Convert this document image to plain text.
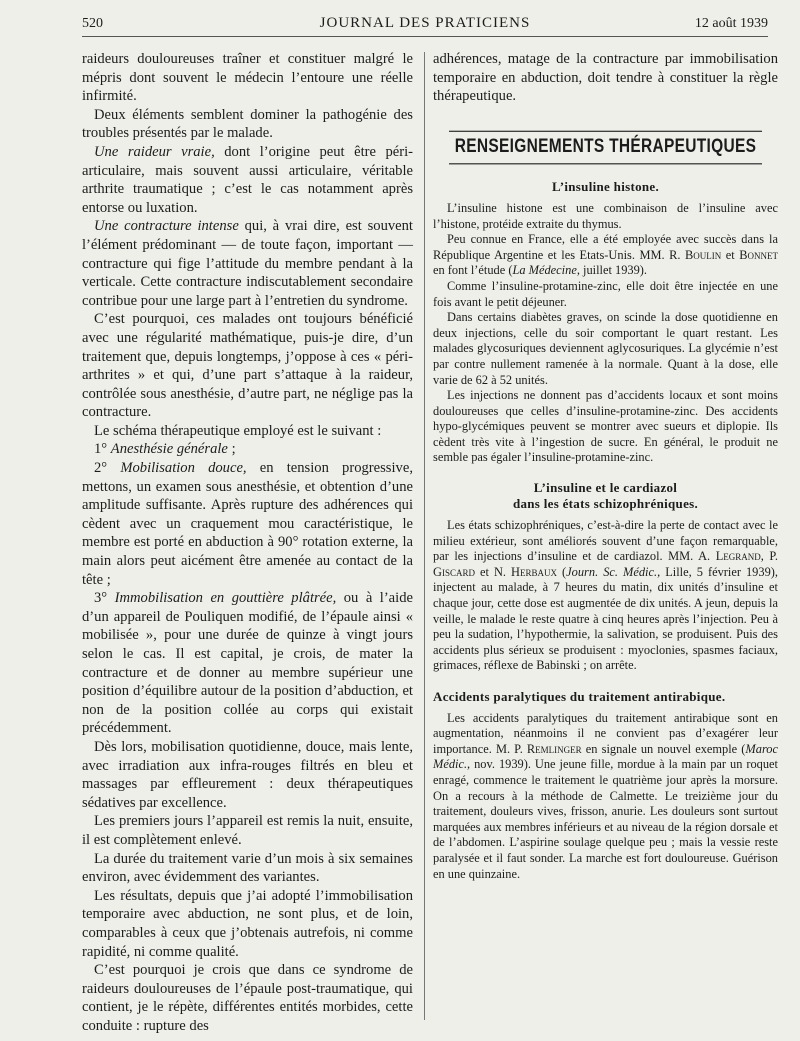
520	JOURNAL DES PRATICIENS	12 août 1939

raideurs douloureuses traîner et constituer malgré le mépris dont souvent le médecin l’entoure une réelle infirmité.

Deux éléments semblent dominer la pathogénie des troubles présentés par le malade.

Une raideur vraie, dont l’origine peut être péri-articulaire, mais souvent aussi articulaire, véritable arthrite traumatique ; c’est le cas notamment après entorse ou luxation.

Une contracture intense qui, à vrai dire, est souvent l’élément prédominant — de toute façon, important — contracture qui fige l’attitude du membre pendant à la verticale. Cette contracture indiscutablement secondaire contribue pour une large part à l’entretien du syndrome.

C’est pourquoi, ces malades ont toujours bénéficié avec une régularité mathématique, puis-je dire, d’un traitement que, depuis longtemps, j’oppose à ces « péri-arthrites » et qui, d’une part s’attaque à la raideur, contrôlée sous anesthésie, d’autre part, ne néglige pas la contracture.

Le schéma thérapeutique employé est le suivant :

1° Anesthésie générale ;

2° Mobilisation douce, en tension progressive, mettons, un examen sous anesthésie, et obtention d’une amplitude suffisante. Après rupture des adhérences qui cèdent avec un craquement mou caractéristique, le membre est porté en abduction à 90° rotation externe, la main alors peut aicément être amenée au contact de la tête ;

3° Immobilisation en gouttière plâtrée, ou à l’aide d’un appareil de Pouliquen modifié, de l’épaule ainsi « mobilisée », pour une durée de quinze à vingt jours selon le cas. Il est capital, je crois, de mater la contracture et de donner au membre supérieur une position d’équilibre autour de la position d’abduction, et non de la position collée au corps qui existait précédemment.

Dès lors, mobilisation quotidienne, douce, mais lente, avec irradiation aux infra-rouges filtrés en bleu et massages par effleurement : deux thérapeutiques sédatives par excellence.

Les premiers jours l’appareil est remis la nuit, ensuite, il est complètement enlevé.

La durée du traitement varie d’un mois à six semaines environ, avec évidemment des variantes.

Les résultats, depuis que j’ai adopté l’immobilisation temporaire avec abduction, ne sont plus, et de loin, comparables à ceux que j’obtenais autrefois, ni comme rapidité, ni comme qualité.

C’est pourquoi je crois que dans ce syndrome de raideurs douloureuses de l’épaule post-traumatique, qui contient, je le répète, différentes entités morbides, cette conduite : rupture des

adhérences, matage de la contracture par immobilisation temporaire en abduction, doit tendre à constituer la règle thérapeutique.

RENSEIGNEMENTS THÉRAPEUTIQUES
L’insuline histone.

L’insuline histone est une combinaison de l’insuline avec l’histone, protéide extraite du thymus.

Peu connue en France, elle a été employée avec succès dans la République Argentine et les Etats-Unis. MM. R. Boulin et Bonnet en font l’étude (La Médecine, juillet 1939).

Comme l’insuline-protamine-zinc, elle doit être injectée en une fois avant le petit déjeuner.

Dans certains diabètes graves, on scinde la dose quotidienne en deux injections, celle du soir comportant le quart restant. Les malades glycosuriques deviennent aglycosuriques. La glycémie n’est par contre nullement ramenée à la normale. Quant à la dose, elle varie de 62 à 52 unités.

Les injections ne donnent pas d’accidents locaux et sont moins douloureuses que celles d’insuline-protamine-zinc. Des accidents hypo-glycémiques peuvent se montrer avec sueurs et diplopie. Ils cèdent très vite à l’ingestion de sucre. En général, le produit ne semble pas égaler l’insuline-protamine-zinc.

L’insuline et le cardiazol
dans les états schizophréniques.

Les états schizophréniques, c’est-à-dire la perte de contact avec le milieu extérieur, sont améliorés souvent d’une façon remarquable, par les injections d’insuline et de cardiazol. MM. A. Legrand, P. Giscard et N. Herbaux (Journ. Sc. Médic., Lille, 5 février 1939), injectent au malade, à 7 heures du matin, dix unités d’insuline et chaque jour, cette dose est augmentée de dix unités. A jeun, depuis la veille, le malade le reste quatre à cinq heures après l’injection. Peu à peu la sudation, l’hypothermie, la salivation, se produisent. Puis des accidents plus sérieux se produisent : myoclonies, spasmes faciaux, grimaces, réflexe de Babinski ; on arrête.

Accidents paralytiques du traitement antirabique.

Les accidents paralytiques du traitement antirabique sont en augmentation, néanmoins il ne convient pas d’exagérer leur importance. M. P. Remlinger en signale un nouvel exemple (Maroc Médic., nov. 1939). Une jeune fille, mordue à la main par un roquet enragé, commence le traitement le quatrième jour après la morsure. On a recours à la méthode de Calmette. Le treizième jour du traitement, douleurs vives, frisson, anurie. Les douleurs sont surtout marquées aux membres inférieurs et au niveau de la région dorsale et de l’abdomen. L’aspirine soulage quelque peu ; mais la vessie reste paralysée et il faut sonder. La marche est fort douloureuse. Guérison en une quinzaine.
